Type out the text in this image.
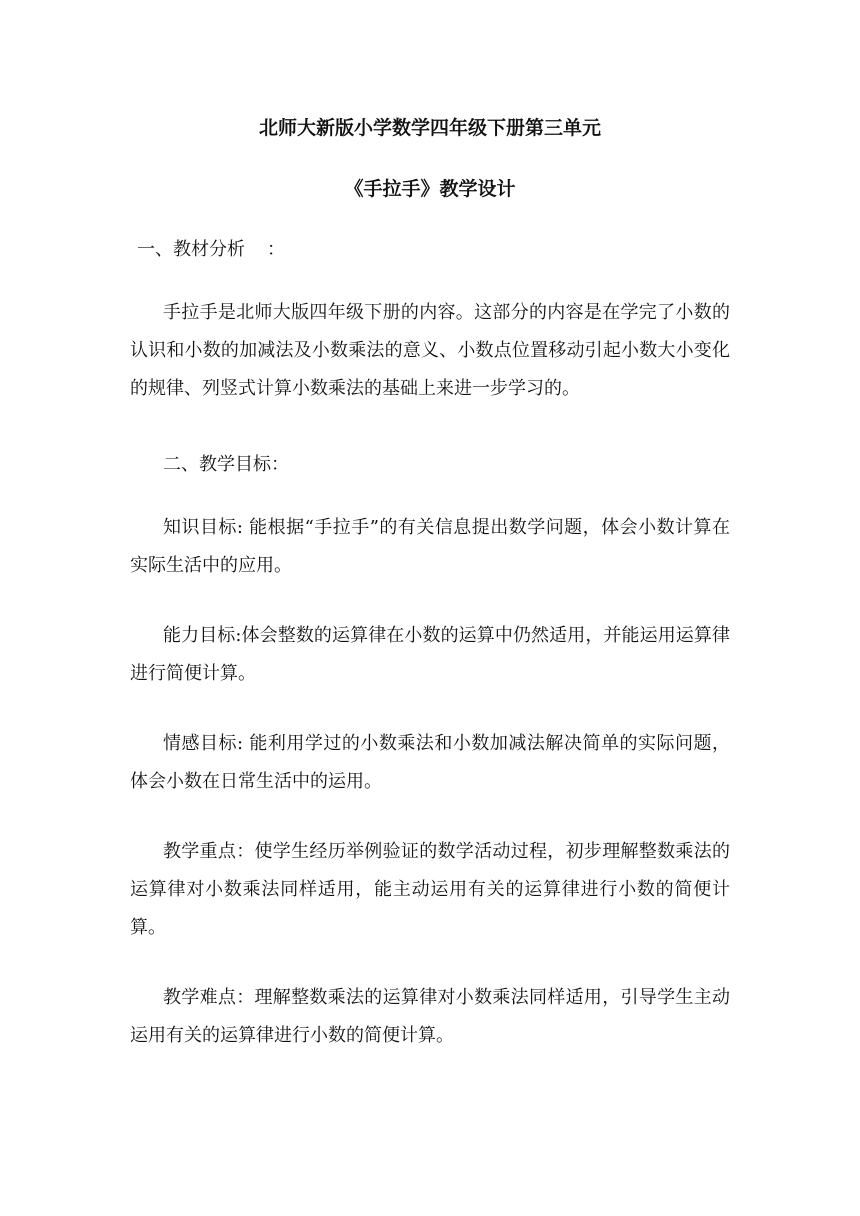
北师大新版小学数学四年级下册第三单元
《手拉手》教学设计
一、教材分析 ：

手拉手是北师大版四年级下册的内容。这部分的内容是在学完了小数的认识和小数的加减法及小数乘法的意义、小数点位置移动引起小数大小变化的规律、列竖式计算小数乘法的基础上来进一步学习的。

二、教学目标：

知识目标: 能根据“手拉手”的有关信息提出数学问题，体会小数计算在实际生活中的应用。

能力目标:体会整数的运算律在小数的运算中仍然适用，并能运用运算律进行简便计算。

情感目标: 能利用学过的小数乘法和小数加减法解决简单的实际问题，体会小数在日常生活中的运用。

教学重点：使学生经历举例验证的数学活动过程，初步理解整数乘法的运算律对小数乘法同样适用，能主动运用有关的运算律进行小数的简便计算。

教学难点：理解整数乘法的运算律对小数乘法同样适用，引导学生主动运用有关的运算律进行小数的简便计算。
